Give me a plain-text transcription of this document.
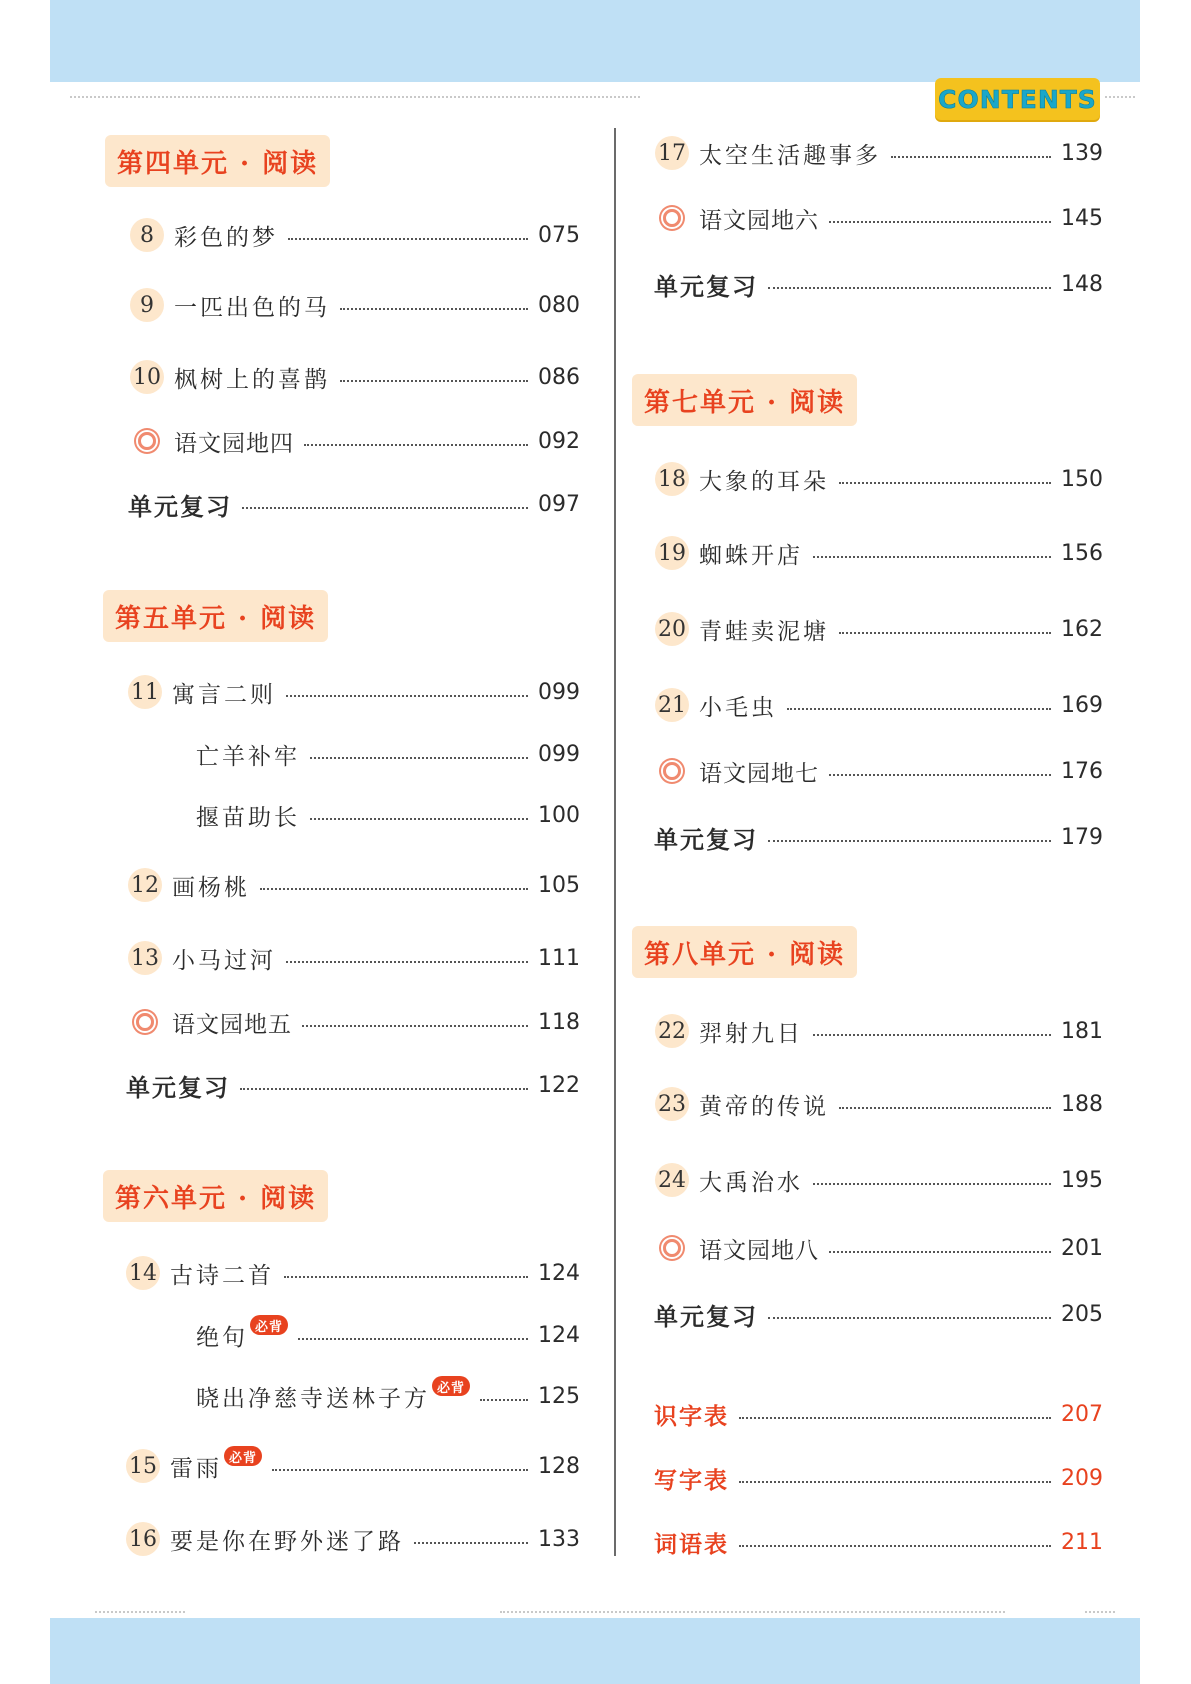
CONTENTS
第四单元 · 阅读
8 彩色的梦	075
9 一匹出色的马	080
10 枫树上的喜鹊	086
语文园地四	092
单元复习	097
第五单元 · 阅读
11 寓言二则	099
亡羊补牢	099
揠苗助长	100
12 画杨桃	105
13 小马过河	111
语文园地五	118
单元复习	122
第六单元 · 阅读
14 古诗二首	124
绝句 必背	124
晓出净慈寺送林子方 必背	125
15 雷雨 必背	128
16 要是你在野外迷了路	133
17 太空生活趣事多	139
语文园地六	145
单元复习	148
第七单元 · 阅读
18 大象的耳朵	150
19 蜘蛛开店	156
20 青蛙卖泥塘	162
21 小毛虫	169
语文园地七	176
单元复习	179
第八单元 · 阅读
22 羿射九日	181
23 黄帝的传说	188
24 大禹治水	195
语文园地八	201
单元复习	205
识字表	207
写字表	209
词语表	211
